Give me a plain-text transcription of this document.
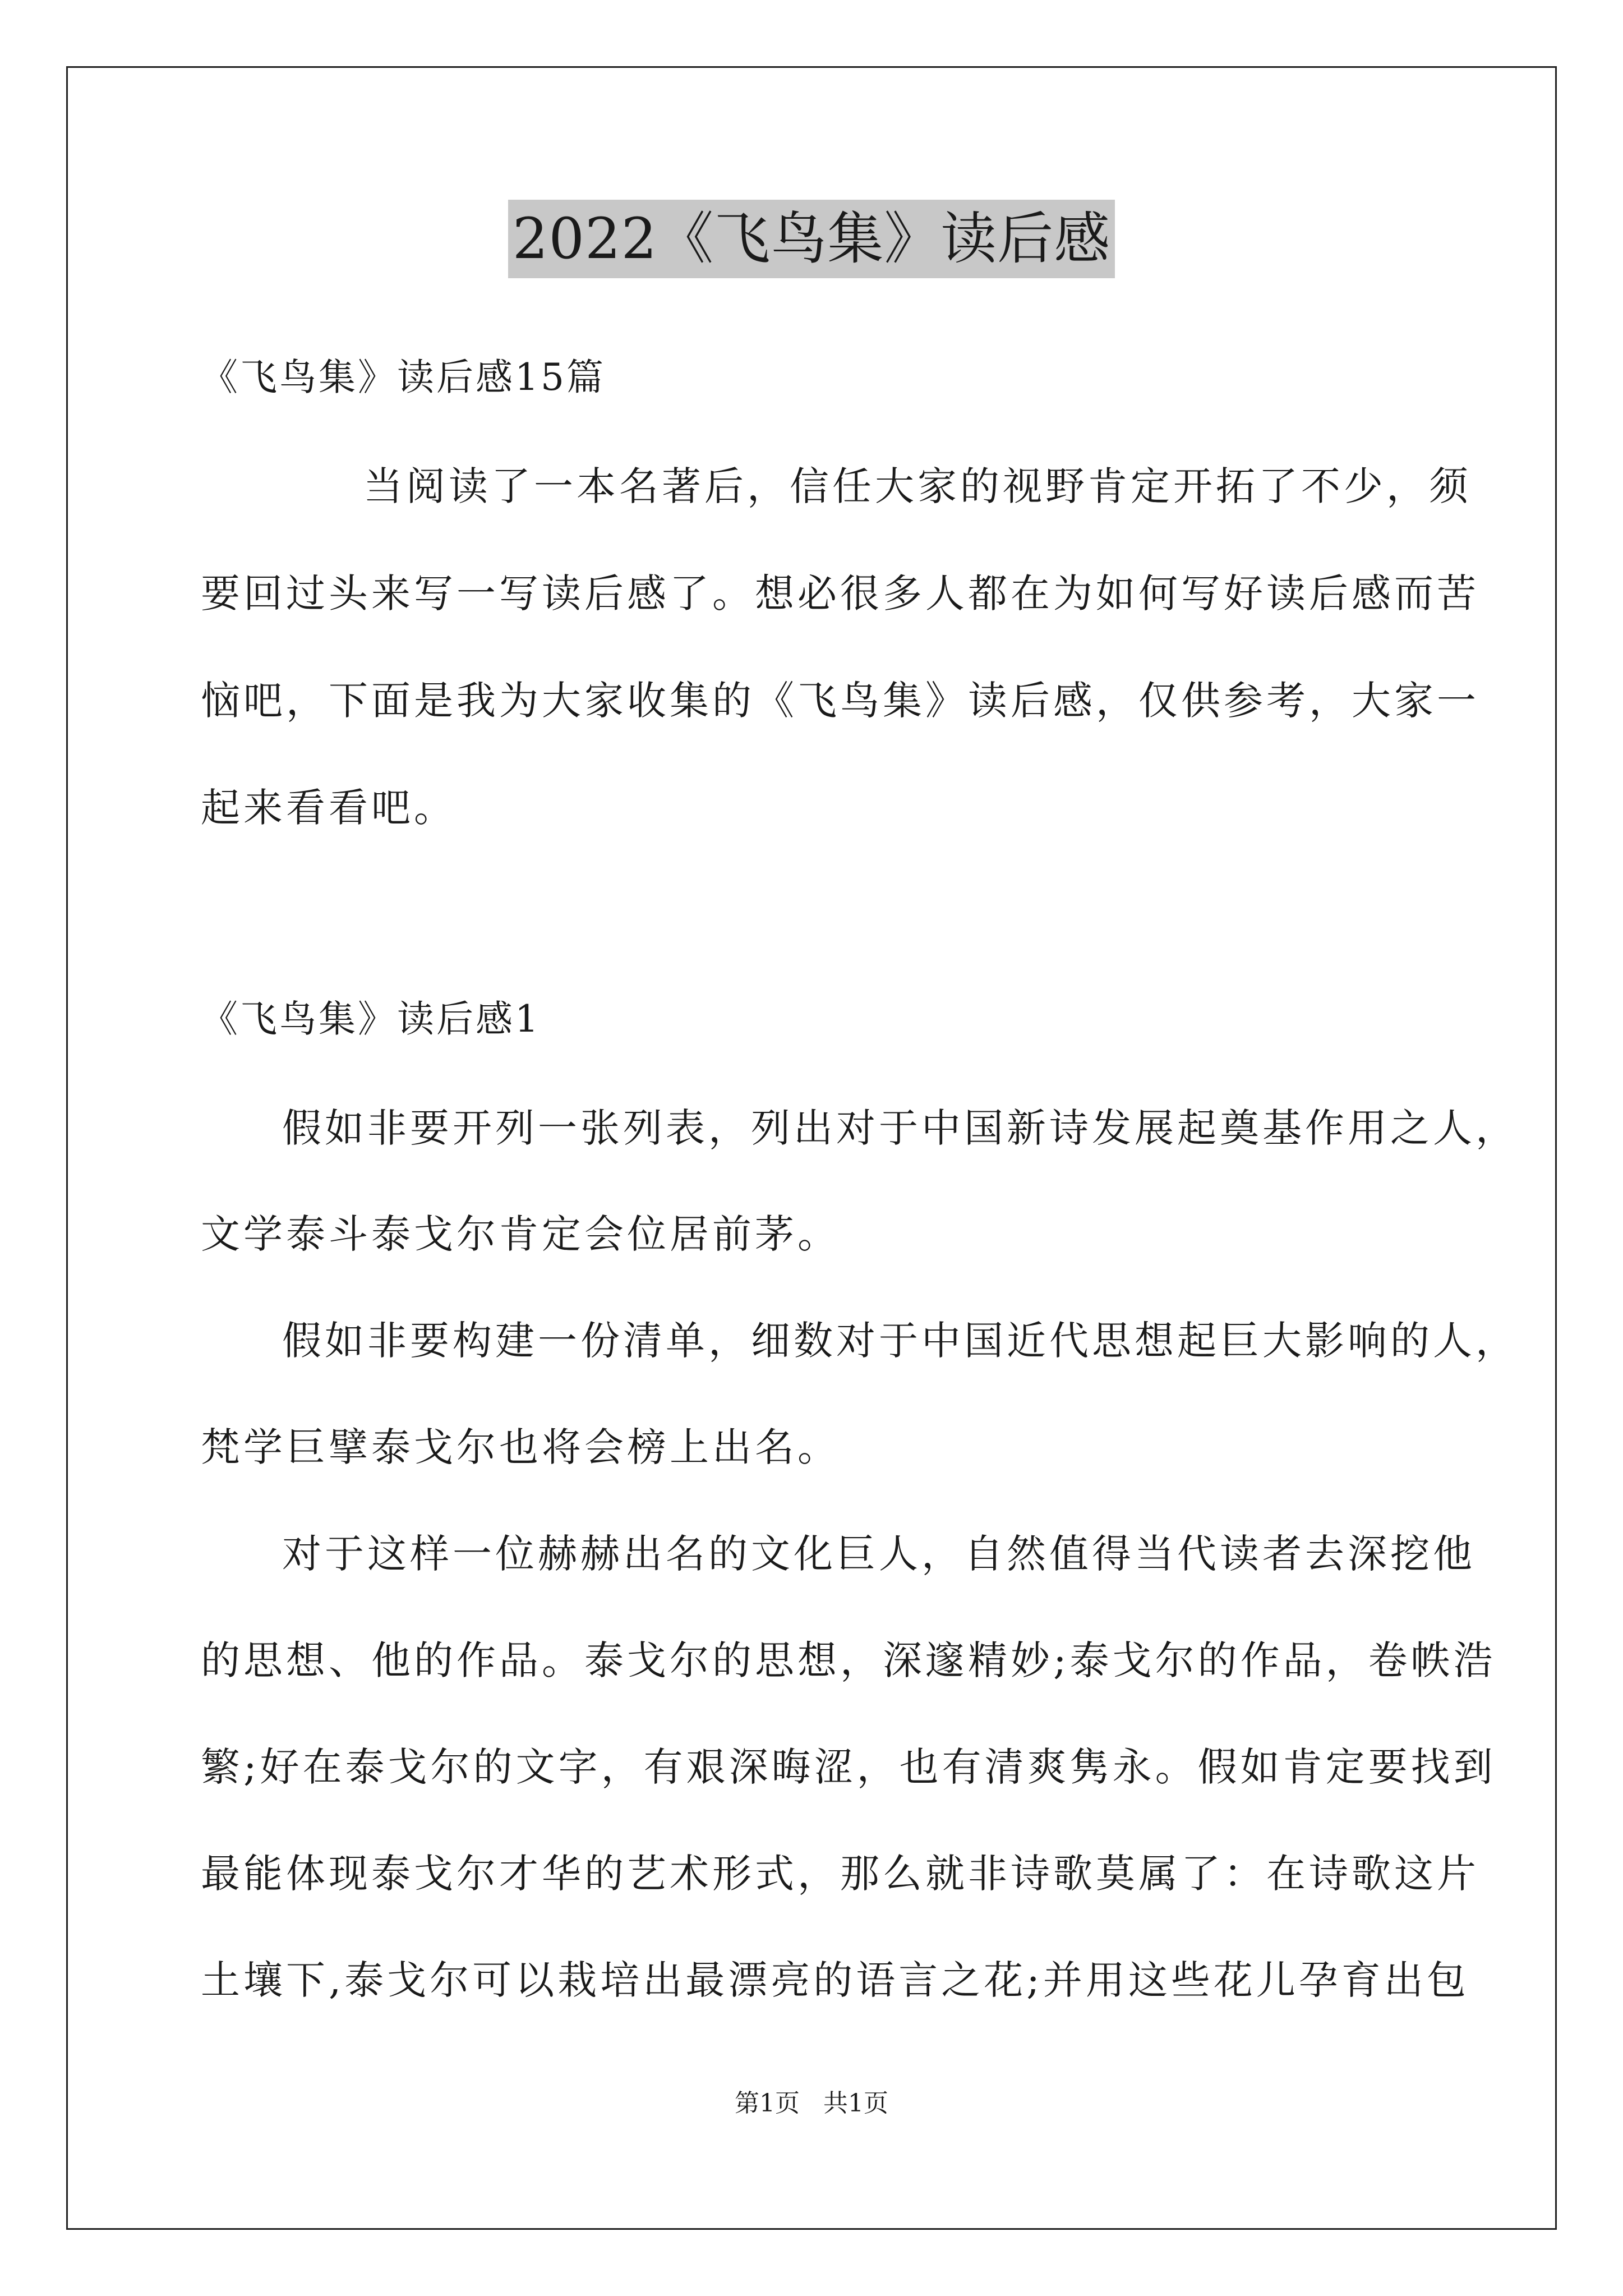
2022《飞鸟集》读后感
《飞鸟集》读后感15篇
当阅读了一本名著后，信任大家的视野肯定开拓了不少，须
要回过头来写一写读后感了。想必很多人都在为如何写好读后感而苦
恼吧，下面是我为大家收集的《飞鸟集》读后感，仅供参考，大家一
起来看看吧。
《飞鸟集》读后感1
假如非要开列一张列表，列出对于中国新诗发展起奠基作用之人，
文学泰斗泰戈尔肯定会位居前茅。
假如非要构建一份清单，细数对于中国近代思想起巨大影响的人，
梵学巨擘泰戈尔也将会榜上出名。
对于这样一位赫赫出名的文化巨人，自然值得当代读者去深挖他
的思想、他的作品。泰戈尔的思想，深邃精妙;泰戈尔的作品，卷帙浩
繁;好在泰戈尔的文字，有艰深晦涩，也有清爽隽永。假如肯定要找到
最能体现泰戈尔才华的艺术形式，那么就非诗歌莫属了：在诗歌这片
土壤下,泰戈尔可以栽培出最漂亮的语言之花;并用这些花儿孕育出包
第1页 共1页
